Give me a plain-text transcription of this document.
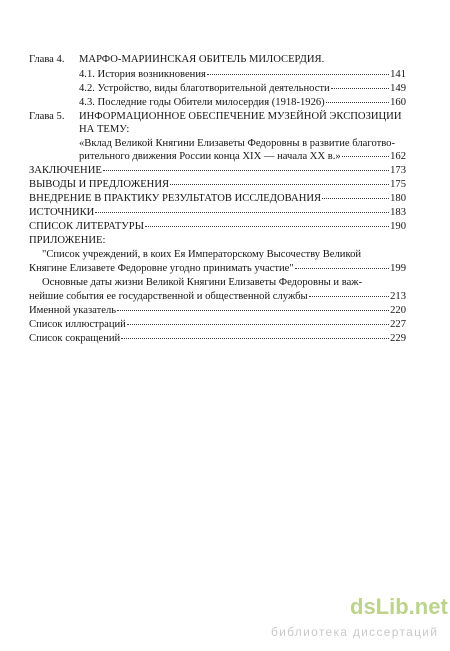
Глава 4. МАРФО-МАРИИНСКАЯ ОБИТЕЛЬ МИЛОСЕРДИЯ.
4.1. История возникновения	141
4.2. Устройство, виды благотворительной деятельности	149
4.3. Последние годы Обители милосердия (1918-1926)	160
Глава 5. ИНФОРМАЦИОННОЕ ОБЕСПЕЧЕНИЕ МУЗЕЙНОЙ ЭКСПОЗИЦИИ
НА ТЕМУ:
«Вклад Великой Княгини Елизаветы Федоровны в развитие благотво-
рительного движения России конца XIX — начала XX в.»	162
ЗАКЛЮЧЕНИЕ	173
ВЫВОДЫ И ПРЕДЛОЖЕНИЯ	175
ВНЕДРЕНИЕ В ПРАКТИКУ РЕЗУЛЬТАТОВ ИССЛЕДОВАНИЯ	180
ИСТОЧНИКИ	183
СПИСОК ЛИТЕРАТУРЫ	190
ПРИЛОЖЕНИЕ:
"Список учреждений, в коих Ея Императорскому Высочеству Великой
Княгине Елизавете Федоровне угодно принимать участие"	199
Основные даты жизни Великой Княгини Елизаветы Федоровны и важ-
нейшие события ее государственной и общественной службы	213
Именной указатель	220
Список иллюстраций	227
Список сокращений	229
dsLib.net
библиотека диссертаций
